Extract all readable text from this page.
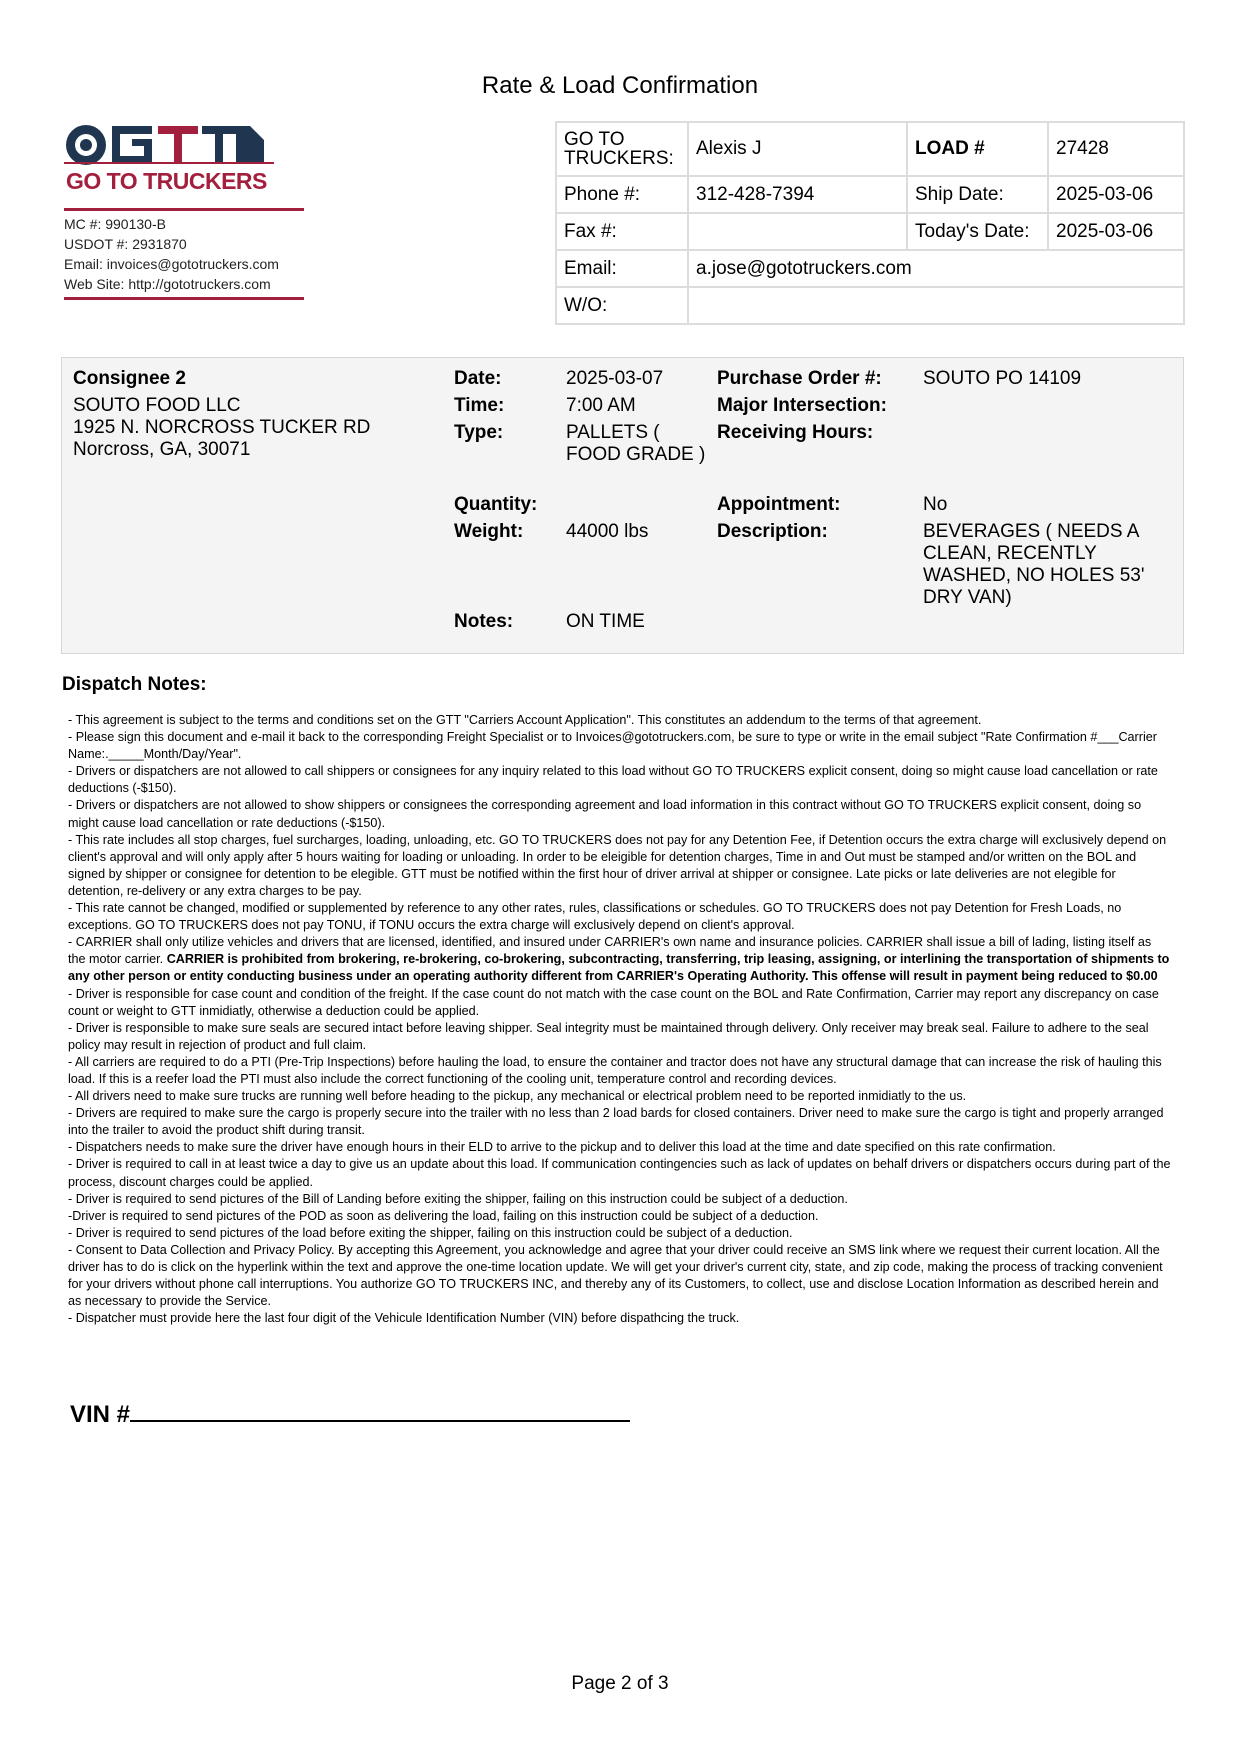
Rate & Load Confirmation
GO TO TRUCKERS
MC #: 990130-B
USDOT #: 2931870
Email: invoices@gototruckers.com
Web Site: http://gototruckers.com
GO TO TRUCKERS:	Alexis J	LOAD #	27428
Phone #:	312-428-7394	Ship Date:	2025-03-06
Fax #:		Today's Date:	2025-03-06
Email:	a.jose@gototruckers.com		
W/O:			
Consignee 2
SOUTO FOOD LLC
1925 N. NORCROSS TUCKER RD
Norcross, GA, 30071
Date:	2025-03-07
Time:	7:00 AM
Type:	PALLETS ( FOOD GRADE )
Quantity:
Weight: 44000 lbs
Notes:	ON TIME
Purchase Order #: SOUTO PO 14109
Major Intersection:
Receiving Hours:
Appointment:	No
Description:	BEVERAGES ( NEEDS A CLEAN, RECENTLY WASHED, NO HOLES 53' DRY VAN)
Dispatch Notes:

- This agreement is subject to the terms and conditions set on the GTT "Carriers Account Application". This constitutes an addendum to the terms of that agreement.

- Please sign this document and e-mail it back to the corresponding Freight Specialist or to Invoices@gototruckers.com, be sure to type or write in the email subject "Rate Confirmation #___Carrier Name:._____Month/Day/Year".

- Drivers or dispatchers are not allowed to call shippers or consignees for any inquiry related to this load without GO TO TRUCKERS explicit consent, doing so might cause load cancellation or rate deductions (-$150).

- Drivers or dispatchers are not allowed to show shippers or consignees the corresponding agreement and load information in this contract without GO TO TRUCKERS explicit consent, doing so might cause load cancellation or rate deductions (-$150).

- This rate includes all stop charges, fuel surcharges, loading, unloading, etc. GO TO TRUCKERS does not pay for any Detention Fee, if Detention occurs the extra charge will exclusively depend on client's approval and will only apply after 5 hours waiting for loading or unloading. In order to be eleigible for detention charges, Time in and Out must be stamped and/or written on the BOL and signed by shipper or consignee for detention to be elegible. GTT must be notified within the first hour of driver arrival at shipper or consignee. Late picks or late deliveries are not elegible for detention, re-delivery or any extra charges to be pay.

- This rate cannot be changed, modified or supplemented by reference to any other rates, rules, classifications or schedules. GO TO TRUCKERS does not pay Detention for Fresh Loads, no exceptions. GO TO TRUCKERS does not pay TONU, if TONU occurs the extra charge will exclusively depend on client's approval.

- CARRIER shall only utilize vehicles and drivers that are licensed, identified, and insured under CARRIER's own name and insurance policies. CARRIER shall issue a bill of lading, listing itself as the motor carrier. CARRIER is prohibited from brokering, re-brokering, co-brokering, subcontracting, transferring, trip leasing, assigning, or interlining the transportation of shipments to any other person or entity conducting business under an operating authority different from CARRIER's Operating Authority. This offense will result in payment being reduced to $0.00

- Driver is responsible for case count and condition of the freight. If the case count do not match with the case count on the BOL and Rate Confirmation, Carrier may report any discrepancy on case count or weight to GTT inmidiatly, otherwise a deduction could be applied.

- Driver is responsible to make sure seals are secured intact before leaving shipper. Seal integrity must be maintained through delivery. Only receiver may break seal. Failure to adhere to the seal policy may result in rejection of product and full claim.

- All carriers are required to do a PTI (Pre-Trip Inspections) before hauling the load, to ensure the container and tractor does not have any structural damage that can increase the risk of hauling this load. If this is a reefer load the PTI must also include the correct functioning of the cooling unit, temperature control and recording devices.

- All drivers need to make sure trucks are running well before heading to the pickup, any mechanical or electrical problem need to be reported inmidiatly to the us.

- Drivers are required to make sure the cargo is properly secure into the trailer with no less than 2 load bards for closed containers. Driver need to make sure the cargo is tight and properly arranged into the trailer to avoid the product shift during transit.

- Dispatchers needs to make sure the driver have enough hours in their ELD to arrive to the pickup and to deliver this load at the time and date specified on this rate confirmation.

- Driver is required to call in at least twice a day to give us an update about this load. If communication contingencies such as lack of updates on behalf drivers or dispatchers occurs during part of the process, discount charges could be applied.

- Driver is required to send pictures of the Bill of Landing before exiting the shipper, failing on this instruction could be subject of a deduction.

-Driver is required to send pictures of the POD as soon as delivering the load, failing on this instruction could be subject of a deduction.

- Driver is required to send pictures of the load before exiting the shipper, failing on this instruction could be subject of a deduction.

- Consent to Data Collection and Privacy Policy. By accepting this Agreement, you acknowledge and agree that your driver could receive an SMS link where we request their current location. All the driver has to do is click on the hyperlink within the text and approve the one-time location update. We will get your driver's current city, state, and zip code, making the process of tracking convenient for your drivers without phone call interruptions. You authorize GO TO TRUCKERS INC, and thereby any of its Customers, to collect, use and disclose Location Information as described herein and as necessary to provide the Service.

- Dispatcher must provide here the last four digit of the Vehicule Identification Number (VIN) before dispathcing the truck.

VIN #
Page 2 of 3
